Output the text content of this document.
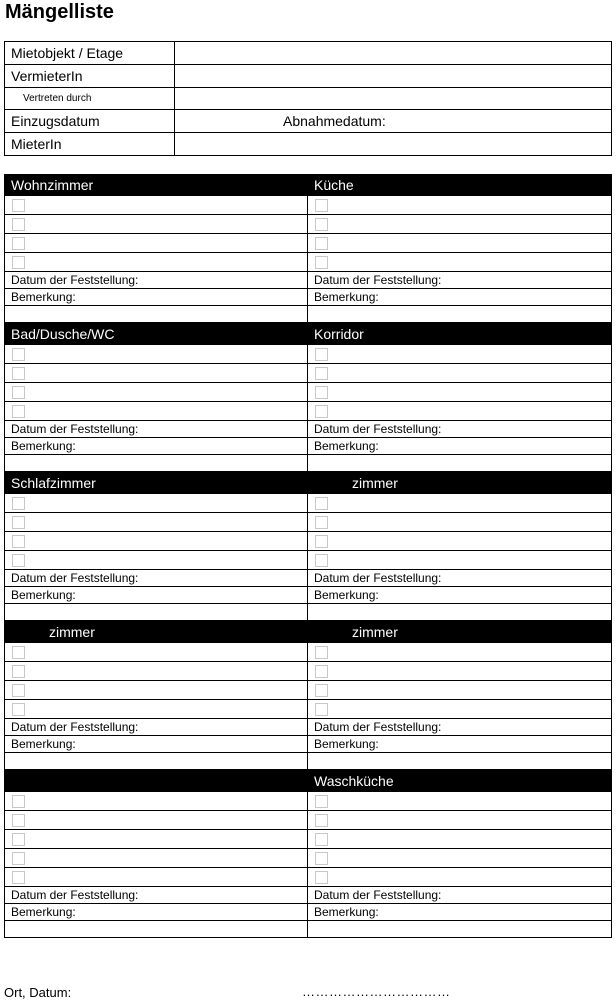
Mängelliste
Mietobjekt / Etage
VermieterIn
Vertreten durch
Einzugsdatum	Abnahmedatum:
MieterIn
Wohnzimmer
Datum der Feststellung:
Bemerkung:
Küche
Datum der Feststellung:
Bemerkung:
Bad/Dusche/WC
Datum der Feststellung:
Bemerkung:
Korridor
Datum der Feststellung:
Bemerkung:
Schlafzimmer
Datum der Feststellung:
Bemerkung:
zimmer
Datum der Feststellung:
Bemerkung:
zimmer
Datum der Feststellung:
Bemerkung:
zimmer
Datum der Feststellung:
Bemerkung:
Datum der Feststellung:
Bemerkung:
Waschküche
Datum der Feststellung:
Bemerkung:
Ort, Datum:	……………………………
